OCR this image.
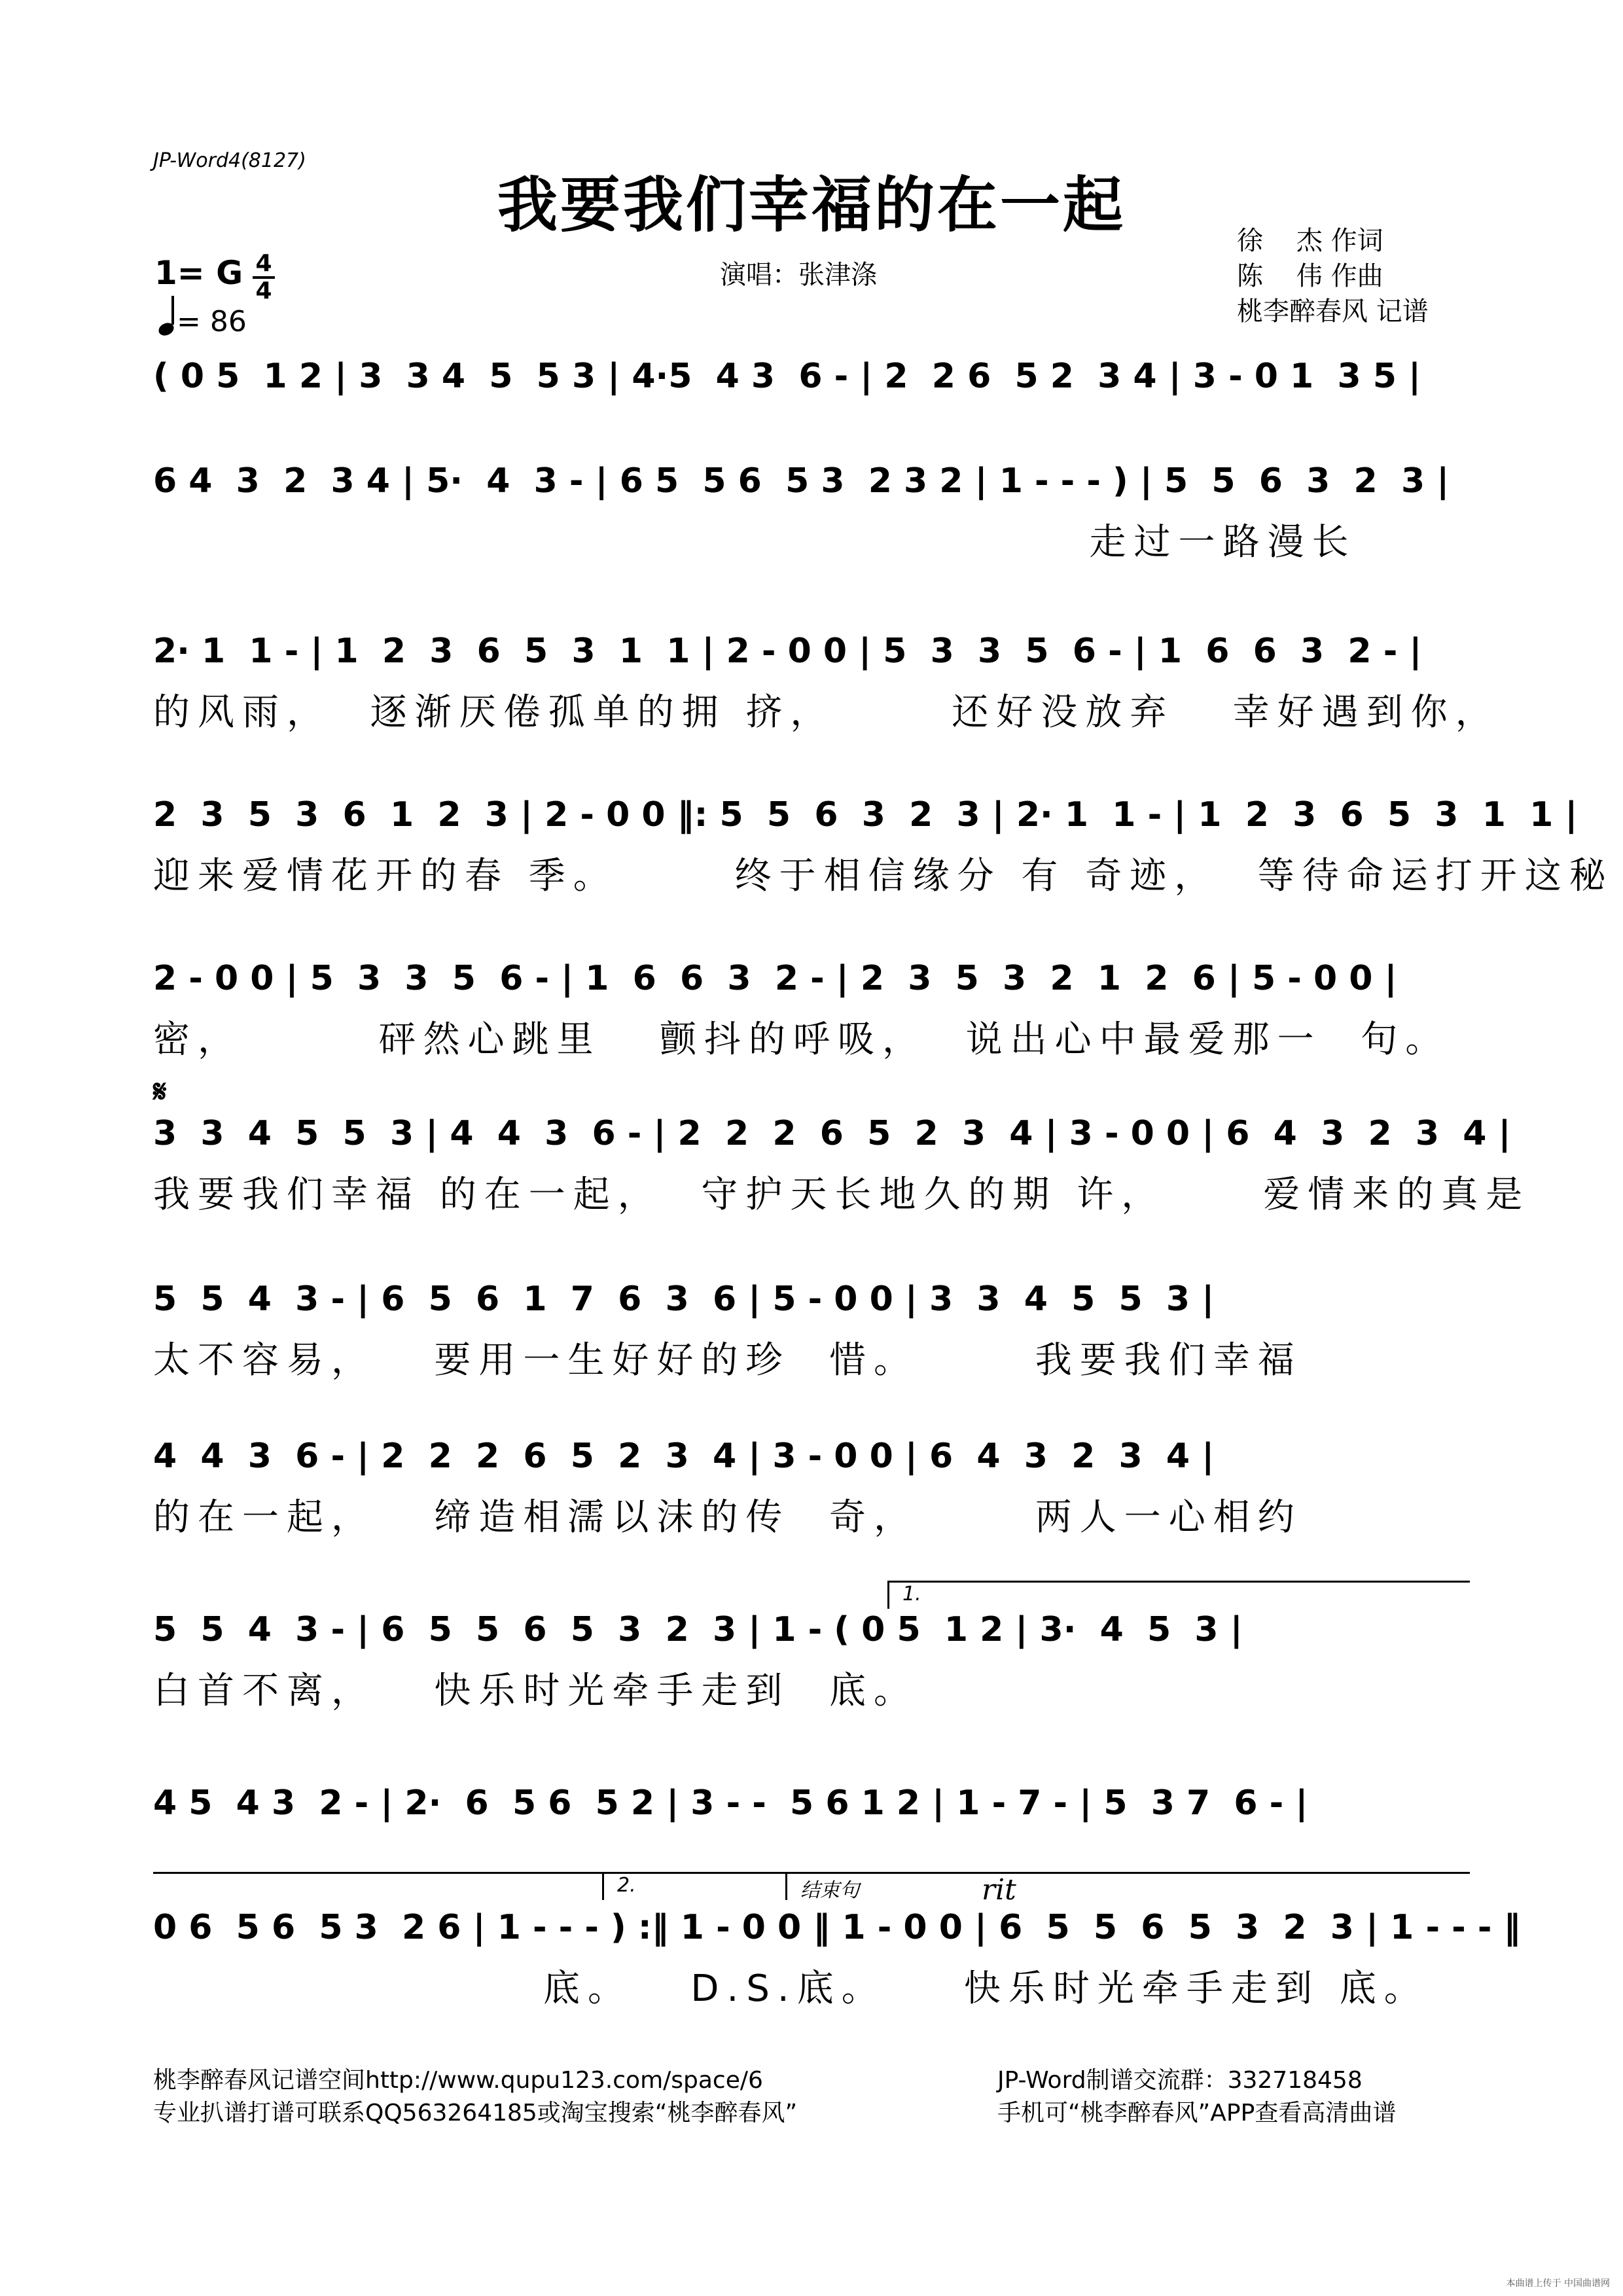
JP-Word4(8127)
我要我们幸福的在一起
1= G 4
4
= 86
演唱：张津涤
徐    杰 作词
陈    伟 作曲
桃李醉春风 记谱
( 0 5  1 2 | 3  3 4  5  5 3 | 4·5  4 3  6 - | 2  2 6  5 2  3 4 | 3 - 0 1  3 5 |
6 4  3  2  3 4 | 5·  4  3 - | 6 5  5 6  5 3  2 3 2 | 1 - - - ) | 5  5  6  3  2  3 |
走过一路漫长
2· 1  1 - | 1  2  3  6  5  3  1  1 | 2 - 0 0 | 5  3  3  5  6 - | 1  6  6  3  2 - |
的风雨，  逐渐厌倦孤单的拥 挤，      还好没放弃   幸好遇到你，
2  3  5  3  6  1  2  3 | 2 - 0 0 ‖: 5  5  6  3  2  3 | 2· 1  1 - | 1  2  3  6  5  3  1  1 |
迎来爱情花开的春 季。      终于相信缘分 有 奇迹，  等待命运打开这秘
2 - 0 0 | 5  3  3  5  6 - | 1  6  6  3  2 - | 2  3  5  3  2  1  2  6 | 5 - 0 0 |
密，       砰然心跳里   颤抖的呼吸，  说出心中最爱那一  句。
𝄋
3  3  4  5  5  3 | 4  4  3  6 - | 2  2  2  6  5  2  3  4 | 3 - 0 0 | 6  4  3  2  3  4 |
我要我们幸福 的在一起，  守护天长地久的期 许，     爱情来的真是
5  5  4  3 - | 6  5  6  1  7  6  3  6 | 5 - 0 0 | 3  3  4  5  5  3 |
太不容易，   要用一生好好的珍  惜。      我要我们幸福
4  4  3  6 - | 2  2  2  6  5  2  3  4 | 3 - 0 0 | 6  4  3  2  3  4 |
的在一起，   缔造相濡以沫的传  奇，      两人一心相约
1.
5  5  4  3 - | 6  5  5  6  5  3  2  3 | 1 - ( 0 5  1 2 | 3·  4  5  3 |
白首不离，   快乐时光牵手走到  底。
4 5  4 3  2 - | 2·  6  5 6  5 2 | 3 - -  5 6 1 2 | 1 - 7 - | 5  3 7  6 - |
2.	结束句	rit
0 6  5 6  5 3  2 6 | 1 - - - ) :‖ 1 - 0 0 ‖ 1 - 0 0 | 6  5  5  6  5  3  2  3 | 1 - - - ‖
底。   D.S.底。    快乐时光牵手走到 底。
桃李醉春风记谱空间http://www.qupu123.com/space/6
专业扒谱打谱可联系QQ563264185或淘宝搜索“桃李醉春风”
JP-Word制谱交流群：332718458
手机可“桃李醉春风”APP查看高清曲谱
本曲谱上传于 中国曲谱网
